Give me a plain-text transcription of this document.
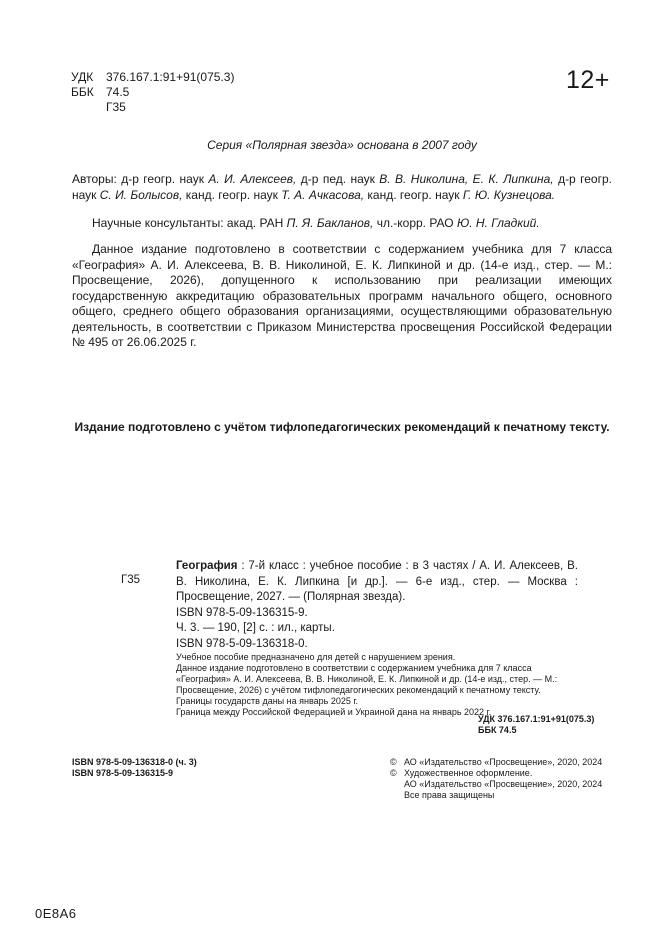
УДК	376.167.1:91+91(075.3)
ББК	74.5
Г35
12+
Серия «Полярная звезда» основана в 2007 году
Авторы: д-р геогр. наук А. И. Алексеев, д-р пед. наук В. В. Николина, Е. К. Липкина, д-р геогр. наук С. И. Болысов, канд. геогр. наук Т. А. Ачкасова, канд. геогр. наук Г. Ю. Кузнецова.
Научные консультанты: акад. РАН П. Я. Бакланов, чл.-корр. РАО Ю. Н. Гладкий.
Данное издание подготовлено в соответствии с содержанием учебника для 7 класса «География» А. И. Алексеева, В. В. Николиной, Е. К. Липкиной и др. (14-е изд., стер. — М.: Просвещение, 2026), допущенного к использованию при реализации имеющих государственную аккредитацию образовательных программ начального общего, основного общего, среднего общего образования организациями, осуществляющими образовательную деятельность, в соответствии с Приказом Министерства просвещения Российской Федерации № 495 от 26.06.2025 г.
Издание подготовлено с учётом тифлопедагогических рекомендаций к печатному тексту.
Г35
География : 7-й класс : учебное пособие : в 3 частях / А. И. Алексеев, В. В. Николина, Е. К. Липкина [и др.]. — 6-е изд., стер. — Москва : Просвещение, 2027. — (Полярная звезда).
ISBN 978-5-09-136315-9.
Ч. 3. — 190, [2] с. : ил., карты.
ISBN 978-5-09-136318-0.
Учебное пособие предназначено для детей с нарушением зрения.
Данное издание подготовлено в соответствии с содержанием учебника для 7 класса «География» А. И. Алексеева, В. В. Николиной, Е. К. Липкиной и др. (14-е изд., стер. — М.: Просвещение, 2026) с учётом тифлопедагогических рекомендаций к печатному тексту.
Границы государств даны на январь 2025 г.
Граница между Российской Федерацией и Украиной дана на январь 2022 г.
УДК 376.167.1:91+91(075.3)
ББК 74.5
ISBN 978-5-09-136318-0 (ч. 3)
ISBN 978-5-09-136315-9
© АО «Издательство «Просвещение», 2020, 2024
© Художественное оформление.
АО «Издательство «Просвещение», 2020, 2024
Все права защищены
0E8A6
